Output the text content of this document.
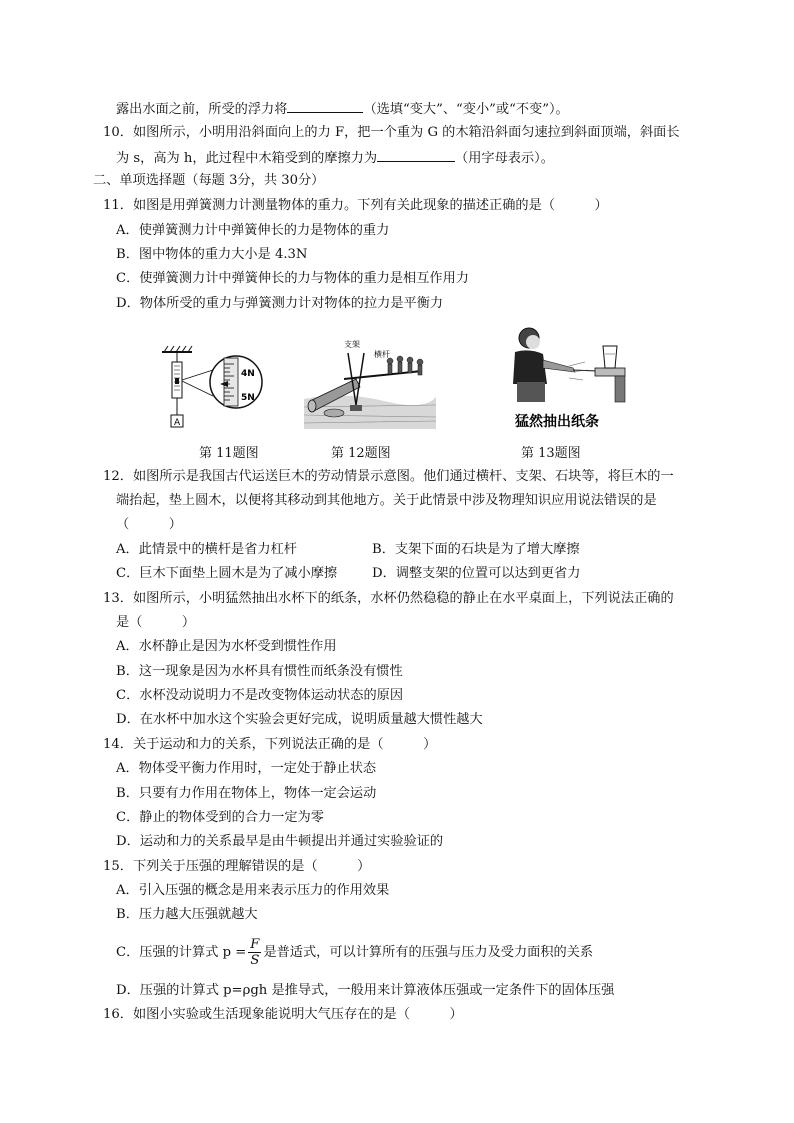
露出水面之前，所受的浮力将	（选填“变大”、“变小”或“不变”）。
10．如图所示，小明用沿斜面向上的力 F，把一个重为 G 的木箱沿斜面匀速拉到斜面顶端，斜面长
为 s，高为 h，此过程中木箱受到的摩擦力为	（用字母表示）。
二、单项选择题（每题 3分，共 30分）
11．如图是用弹簧测力计测量物体的重力。下列有关此现象的描述正确的是（　　　）
A．使弹簧测力计中弹簧伸长的力是物体的重力
B．图中物体的重力大小是 4.3N
C．使弹簧测力计中弹簧伸长的力与物体的重力是相互作用力
D．物体所受的重力与弹簧测力计对物体的拉力是平衡力
A
4N
5N
支架
横杆
猛然抽出纸条
第 11题图	第 12题图	第 13题图
12．如图所示是我国古代运送巨木的劳动情景示意图。他们通过横杆、支架、石块等，将巨木的一
端抬起，垫上圆木，以便将其移动到其他地方。关于此情景中涉及物理知识应用说法错误的是
（　　　）
A．此情景中的横杆是省力杠杆	B．支架下面的石块是为了增大摩擦
C．巨木下面垫上圆木是为了减小摩擦	D．调整支架的位置可以达到更省力
13．如图所示，小明猛然抽出水杯下的纸条，水杯仍然稳稳的静止在水平桌面上，下列说法正确的
是（　　　）
A．水杯静止是因为水杯受到惯性作用
B．这一现象是因为水杯具有惯性而纸条没有惯性
C．水杯没动说明力不是改变物体运动状态的原因
D．在水杯中加水这个实验会更好完成，说明质量越大惯性越大
14．关于运动和力的关系，下列说法正确的是（　　　）
A．物体受平衡力作用时，一定处于静止状态
B．只要有力作用在物体上，物体一定会运动
C．静止的物体受到的合力一定为零
D．运动和力的关系最早是由牛顿提出并通过实验验证的
15．下列关于压强的理解错误的是（　　　）
A．引入压强的概念是用来表示压力的作用效果
B．压力越大压强就越大
C．压强的计算式 $p = \frac{F}{S}$ 是普适式，可以计算所有的压强与压力及受力面积的关系
D．压强的计算式 p=ρgh 是推导式，一般用来计算液体压强或一定条件下的固体压强
16．如图小实验或生活现象能说明大气压存在的是（　　　）
